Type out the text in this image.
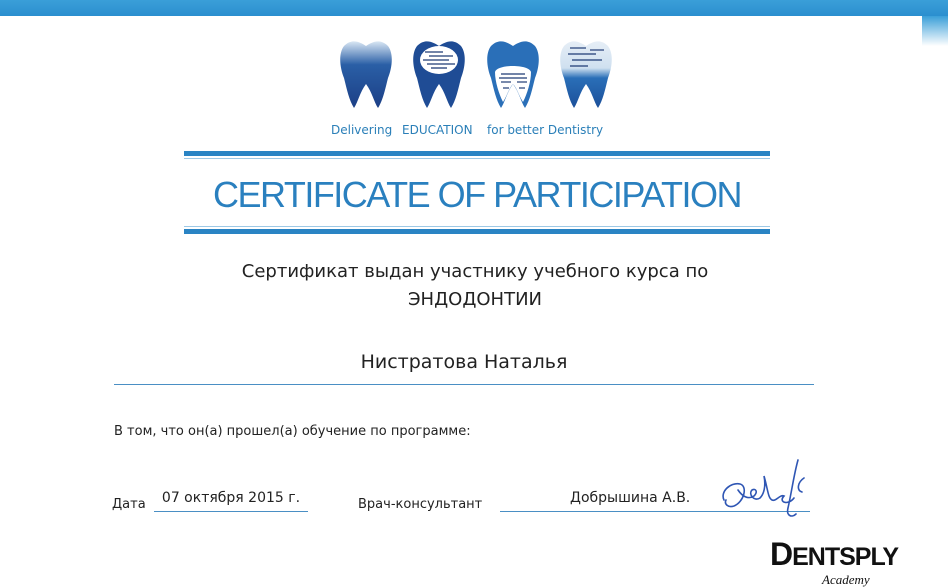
Delivering EDUCATION for better Dentistry
CERTIFICATE OF PARTICIPATION
Сертификат выдан участнику учебного курса по
ЭНДОДОНТИИ
Нистратова Наталья
В том, что он(а) прошел(а) обучение по программе:
Дата	07 октября 2015 г.	Врач-консультант	Добрышина А.В.
DENTSPLY
Academy
